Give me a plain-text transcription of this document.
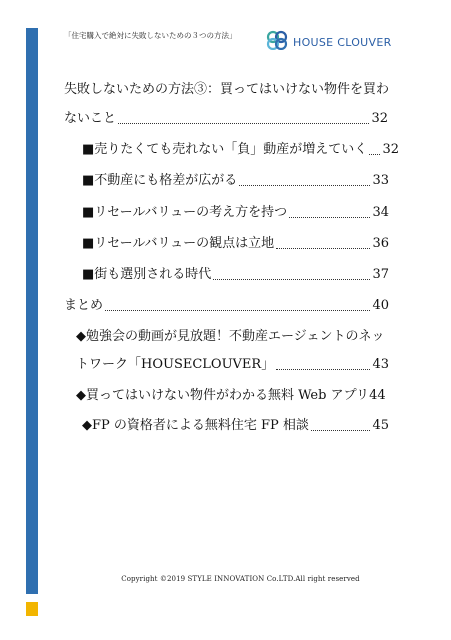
「住宅購入で絶対に失敗しないための３つの方法」	HOUSE CLOUVER
失敗しないための方法③：買ってはいけない物件を買わ
ないこと	32
■売りたくても売れない「負」動産が増えていく 32
■不動産にも格差が広がる	33
■リセールバリューの考え方を持つ	34
■リセールバリューの観点は立地	36
■街も選別される時代	37
まとめ	40
◆勉強会の動画が見放題！不動産エージェントのネッ
トワーク「HOUSECLOUVER」	43
◆買ってはいけない物件がわかる無料 Web アプリ 44
◆FP の資格者による無料住宅 FP 相談	45
Copyright ©2019 STYLE INNOVATION Co.LTD.All right reserved
